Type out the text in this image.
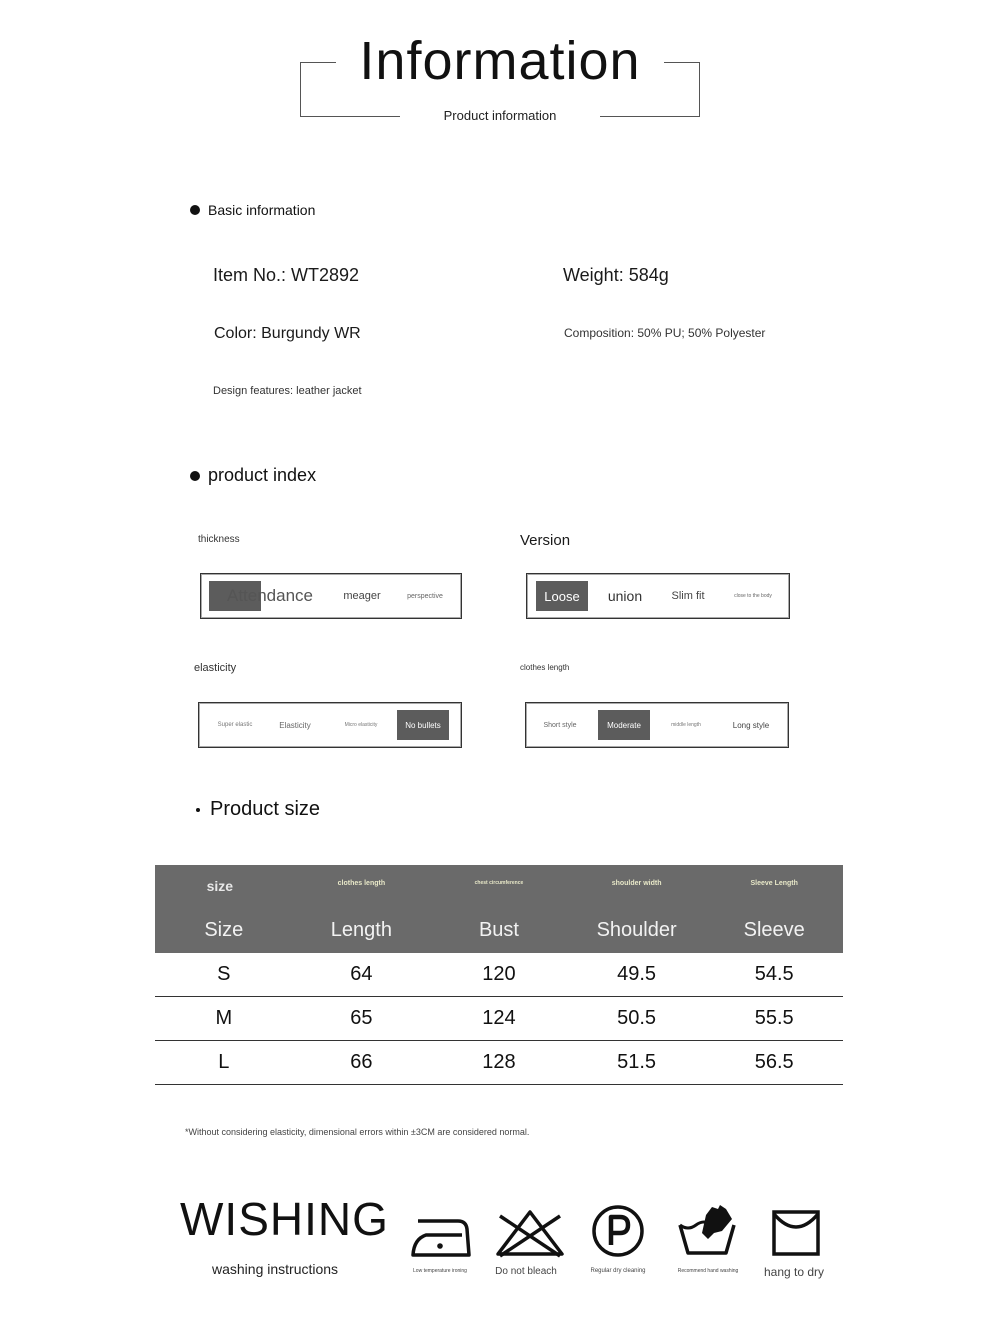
Information
Product information
Basic information
Item No.: WT2892	Weight: 584g
Color: Burgundy WR	Composition: 50% PU; 50% Polyester
Design features: leather jacket
product index
thickness	Version
Attendance	meager	perspective	Loose	union	Slim fit	close to the body
elasticity	clothes length
Super elastic	Elasticity	Micro elasticity	No bullets	Short style	Moderate	middle length	Long style
Product size
size	clothes length	chest circumference	shoulder width	Sleeve Length
Size	Length	Bust	Shoulder	Sleeve
S	64	120	49.5	54.5
M	65	124	50.5	55.5
L	66	128	51.5	56.5
*Without considering elasticity, dimensional errors within ±3CM are considered normal.
WISHING
washing instructions	Low temperature ironing	Do not bleach	Regular dry cleaning	Recommend hand washing	hang to dry
